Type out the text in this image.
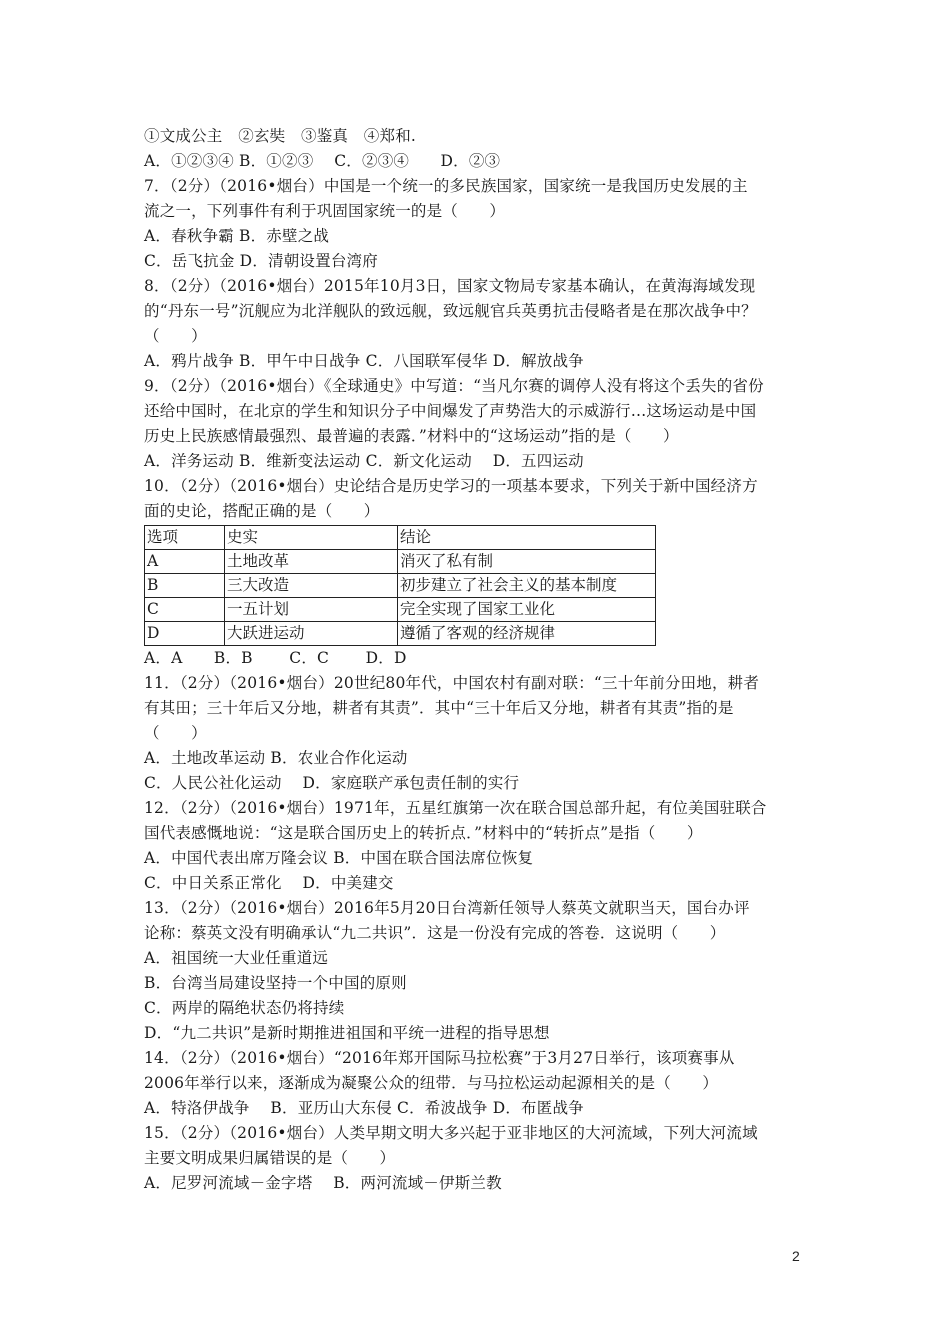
①文成公主　②玄奘　③鉴真　④郑和.
A．①②③④ B．①②③　 C．②③④　　D．②③
7．（2分）（2016•烟台）中国是一个统一的多民族国家，国家统一是我国历史发展的主
流之一，下列事件有利于巩固国家统一的是（　　）
A．春秋争霸 B．赤壁之战
C．岳飞抗金 D．清朝设置台湾府
8．（2分）（2016•烟台）2015年10月3日，国家文物局专家基本确认，在黄海海域发现
的“丹东一号”沉舰应为北洋舰队的致远舰，致远舰官兵英勇抗击侵略者是在那次战争中？
（　　）
A．鸦片战争 B．甲午中日战争 C．八国联军侵华 D．解放战争
9．（2分）（2016•烟台）《全球通史》中写道：“当凡尔赛的调停人没有将这个丢失的省份
还给中国时，在北京的学生和知识分子中间爆发了声势浩大的示威游行…这场运动是中国
历史上民族感情最强烈、最普遍的表露．”材料中的“这场运动”指的是（　　）
A．洋务运动 B．维新变法运动 C．新文化运动　 D．五四运动
10．（2分）（2016•烟台）史论结合是历史学习的一项基本要求，下列关于新中国经济方
面的史论，搭配正确的是（　　）
选项	史实	结论
A	土地改革	消灭了私有制
B	三大改造	初步建立了社会主义的基本制度
C	一五计划	完全实现了国家工业化
D	大跃进运动	遵循了客观的经济规律
A．A　　B．B　　 C．C　　 D．D
11．（2分）（2016•烟台）20世纪80年代，中国农村有副对联：“三十年前分田地，耕者
有其田；三十年后又分地，耕者有其责”．其中“三十年后又分地，耕者有其责”指的是
（　　）
A．土地改革运动 B．农业合作化运动
C．人民公社化运动　 D．家庭联产承包责任制的实行
12．（2分）（2016•烟台）1971年，五星红旗第一次在联合国总部升起，有位美国驻联合
国代表感慨地说：“这是联合国历史上的转折点．”材料中的“转折点”是指（　　）
A．中国代表出席万隆会议 B．中国在联合国法席位恢复
C．中日关系正常化　 D．中美建交
13．（2分）（2016•烟台）2016年5月20日台湾新任领导人蔡英文就职当天，国台办评
论称：蔡英文没有明确承认“九二共识”．这是一份没有完成的答卷．这说明（　　）
A．祖国统一大业任重道远
B．台湾当局建设坚持一个中国的原则
C．两岸的隔绝状态仍将持续
D．“九二共识”是新时期推进祖国和平统一进程的指导思想
14．（2分）（2016•烟台）“2016年郑开国际马拉松赛”于3月27日举行，该项赛事从
2006年举行以来，逐渐成为凝聚公众的纽带．与马拉松运动起源相关的是（　　）
A．特洛伊战争　 B．亚历山大东侵 C．希波战争 D．布匿战争
15．（2分）（2016•烟台）人类早期文明大多兴起于亚非地区的大河流域，下列大河流域
主要文明成果归属错误的是（　　）
A．尼罗河流域－金字塔　 B．两河流域－伊斯兰教
2
